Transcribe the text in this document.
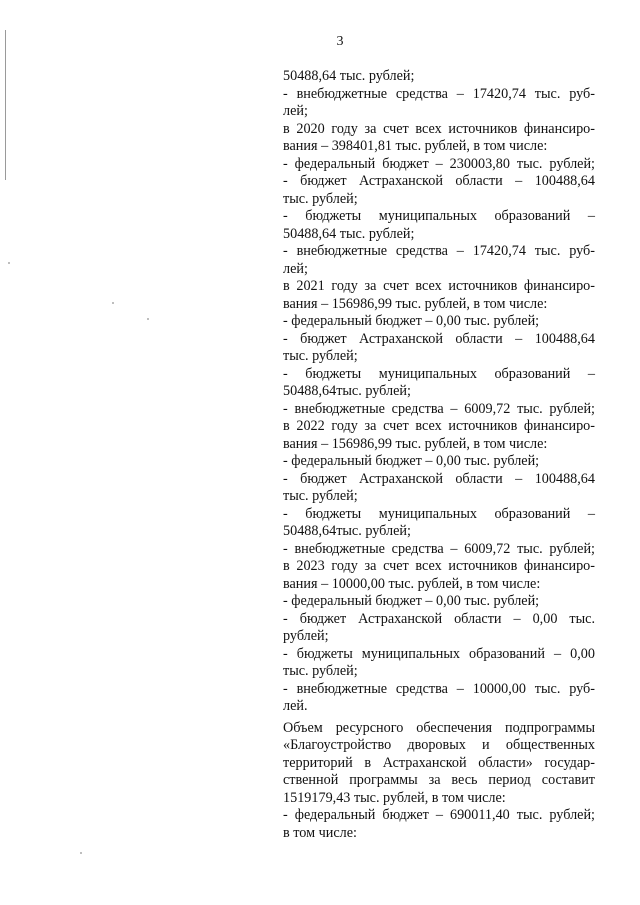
3
50488,64 тыс. рублей;
- внебюджетные средства – 17420,74 тыс. руб-
лей;
в 2020 году за счет всех источников финансиро-
вания – 398401,81 тыс. рублей, в том числе:
- федеральный бюджет – 230003,80 тыс. рублей;
- бюджет Астраханской области – 100488,64
тыс. рублей;
- бюджеты муниципальных образований –
50488,64 тыс. рублей;
- внебюджетные средства – 17420,74 тыс. руб-
лей;
в 2021 году за счет всех источников финансиро-
вания – 156986,99 тыс. рублей, в том числе:
- федеральный бюджет – 0,00 тыс. рублей;
- бюджет Астраханской области – 100488,64
тыс. рублей;
- бюджеты муниципальных образований –
50488,64тыс. рублей;
- внебюджетные средства – 6009,72 тыс. рублей;
в 2022 году за счет всех источников финансиро-
вания – 156986,99 тыс. рублей, в том числе:
- федеральный бюджет – 0,00 тыс. рублей;
- бюджет Астраханской области – 100488,64
тыс. рублей;
- бюджеты муниципальных образований –
50488,64тыс. рублей;
- внебюджетные средства – 6009,72 тыс. рублей;
в 2023 году за счет всех источников финансиро-
вания – 10000,00 тыс. рублей, в том числе:
- федеральный бюджет – 0,00 тыс. рублей;
- бюджет Астраханской области – 0,00 тыс.
рублей;
- бюджеты муниципальных образований – 0,00
тыс. рублей;
- внебюджетные средства – 10000,00 тыс. руб-
лей.
Объем ресурсного обеспечения подпрограммы
«Благоустройство дворовых и общественных
территорий в Астраханской области» государ-
ственной программы за весь период составит
1519179,43 тыс. рублей, в том числе:
- федеральный бюджет – 690011,40 тыс. рублей;
в том числе:
